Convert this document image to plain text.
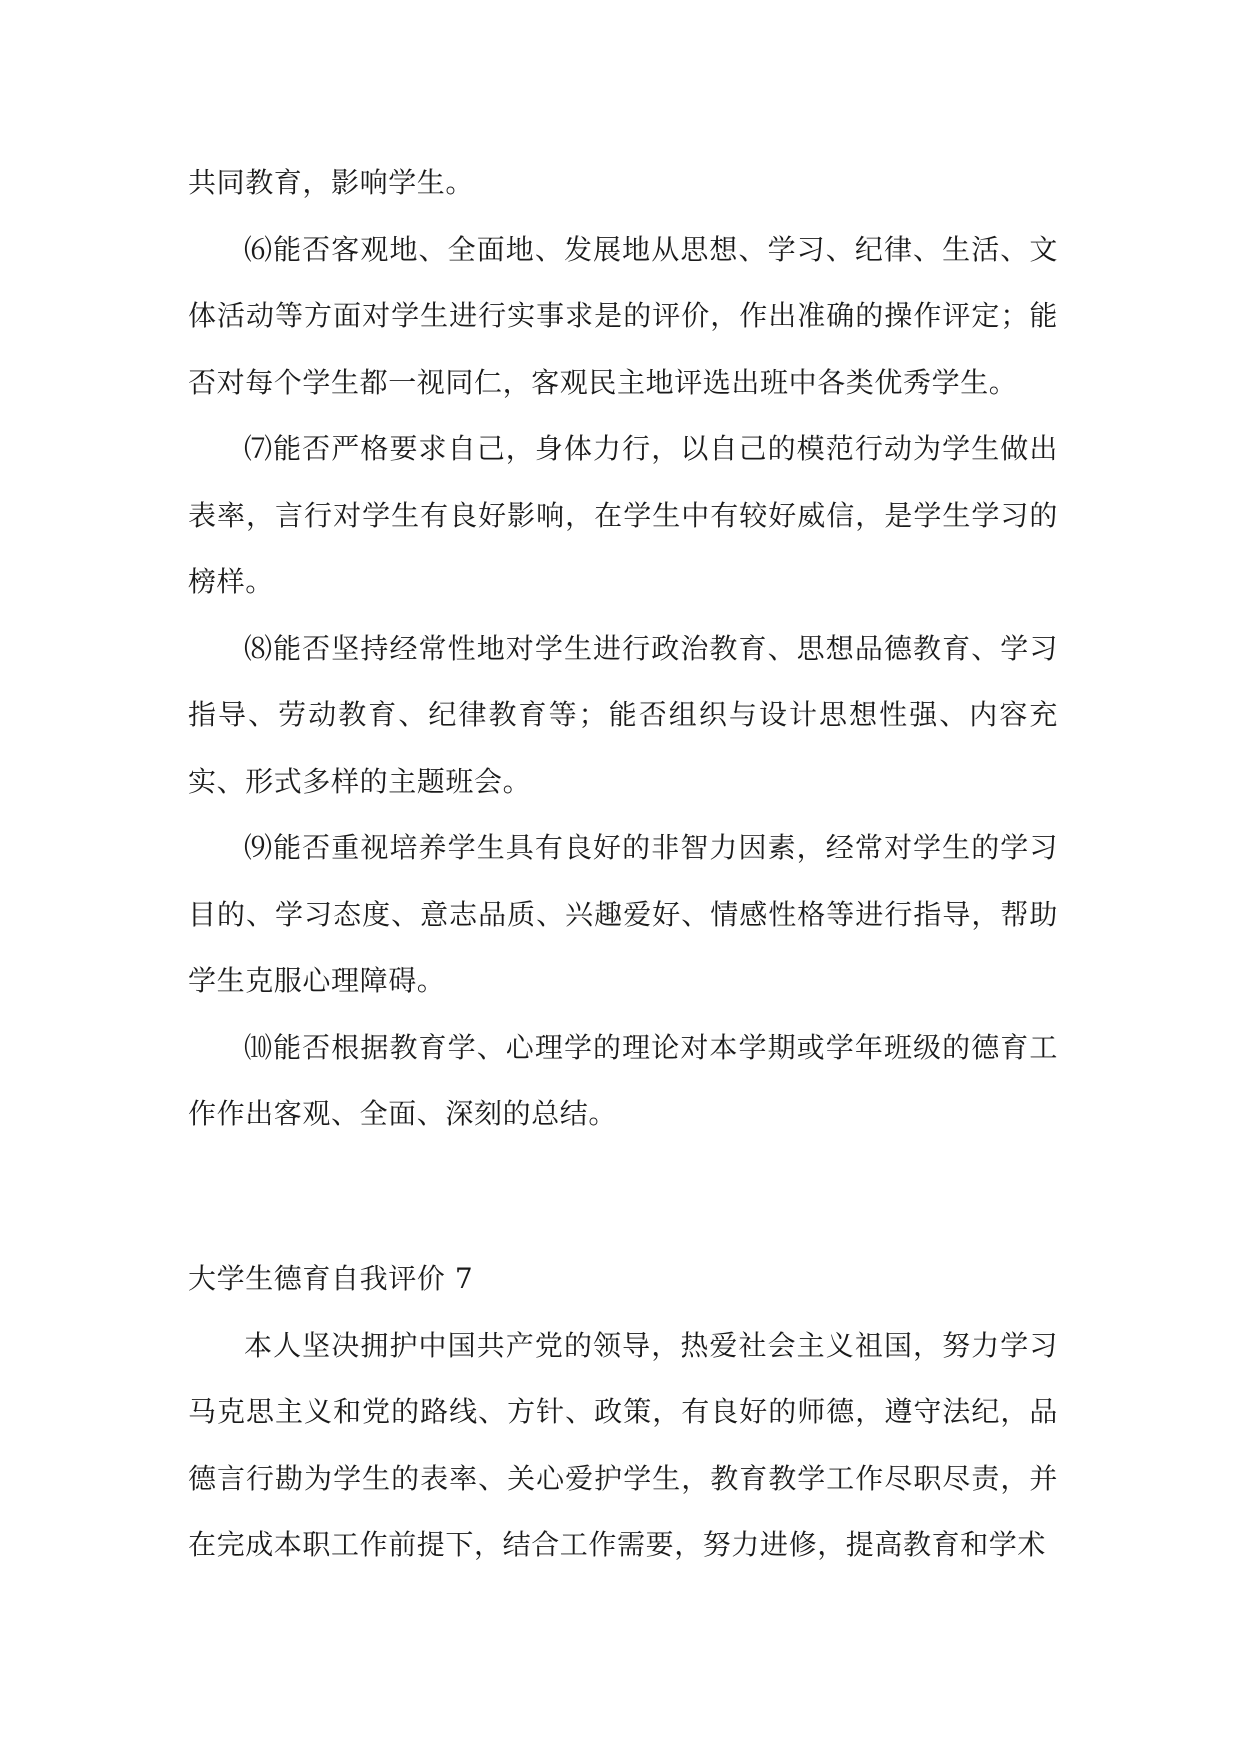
共同教育，影响学生。

⑹能否客观地、全面地、发展地从思想、学习、纪律、生活、文体活动等方面对学生进行实事求是的评价，作出准确的操作评定；能否对每个学生都一视同仁，客观民主地评选出班中各类优秀学生。

⑺能否严格要求自己，身体力行，以自己的模范行动为学生做出表率，言行对学生有良好影响，在学生中有较好威信，是学生学习的榜样。

⑻能否坚持经常性地对学生进行政治教育、思想品德教育、学习指导、劳动教育、纪律教育等；能否组织与设计思想性强、内容充实、形式多样的主题班会。

⑼能否重视培养学生具有良好的非智力因素，经常对学生的学习目的、学习态度、意志品质、兴趣爱好、情感性格等进行指导，帮助学生克服心理障碍。

⑽能否根据教育学、心理学的理论对本学期或学年班级的德育工作作出客观、全面、深刻的总结。

大学生德育自我评价 7

本人坚决拥护中国共产党的领导，热爱社会主义祖国，努力学习马克思主义和党的路线、方针、政策，有良好的师德，遵守法纪，品德言行勘为学生的表率、关心爱护学生，教育教学工作尽职尽责，并在完成本职工作前提下，结合工作需要，努力进修，提高教育和学术
